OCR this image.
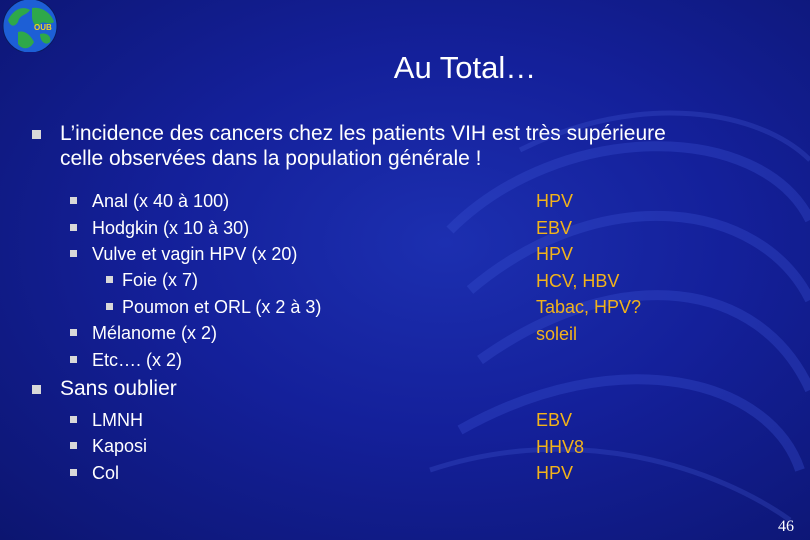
OUB
Au Total…
L’incidence des cancers chez les patients VIH est très supérieure
celle observées dans la population générale !
Anal (x 40 à 100)
Hodgkin (x 10 à 30)
Vulve et vagin HPV (x 20)
Foie (x 7)
Poumon et ORL (x 2 à 3)
Mélanome (x 2)
Etc…. (x 2)
HPV
EBV
HPV
HCV, HBV
Tabac, HPV?
soleil
Sans oublier
LMNH
Kaposi
Col
EBV
HHV8
HPV
46
